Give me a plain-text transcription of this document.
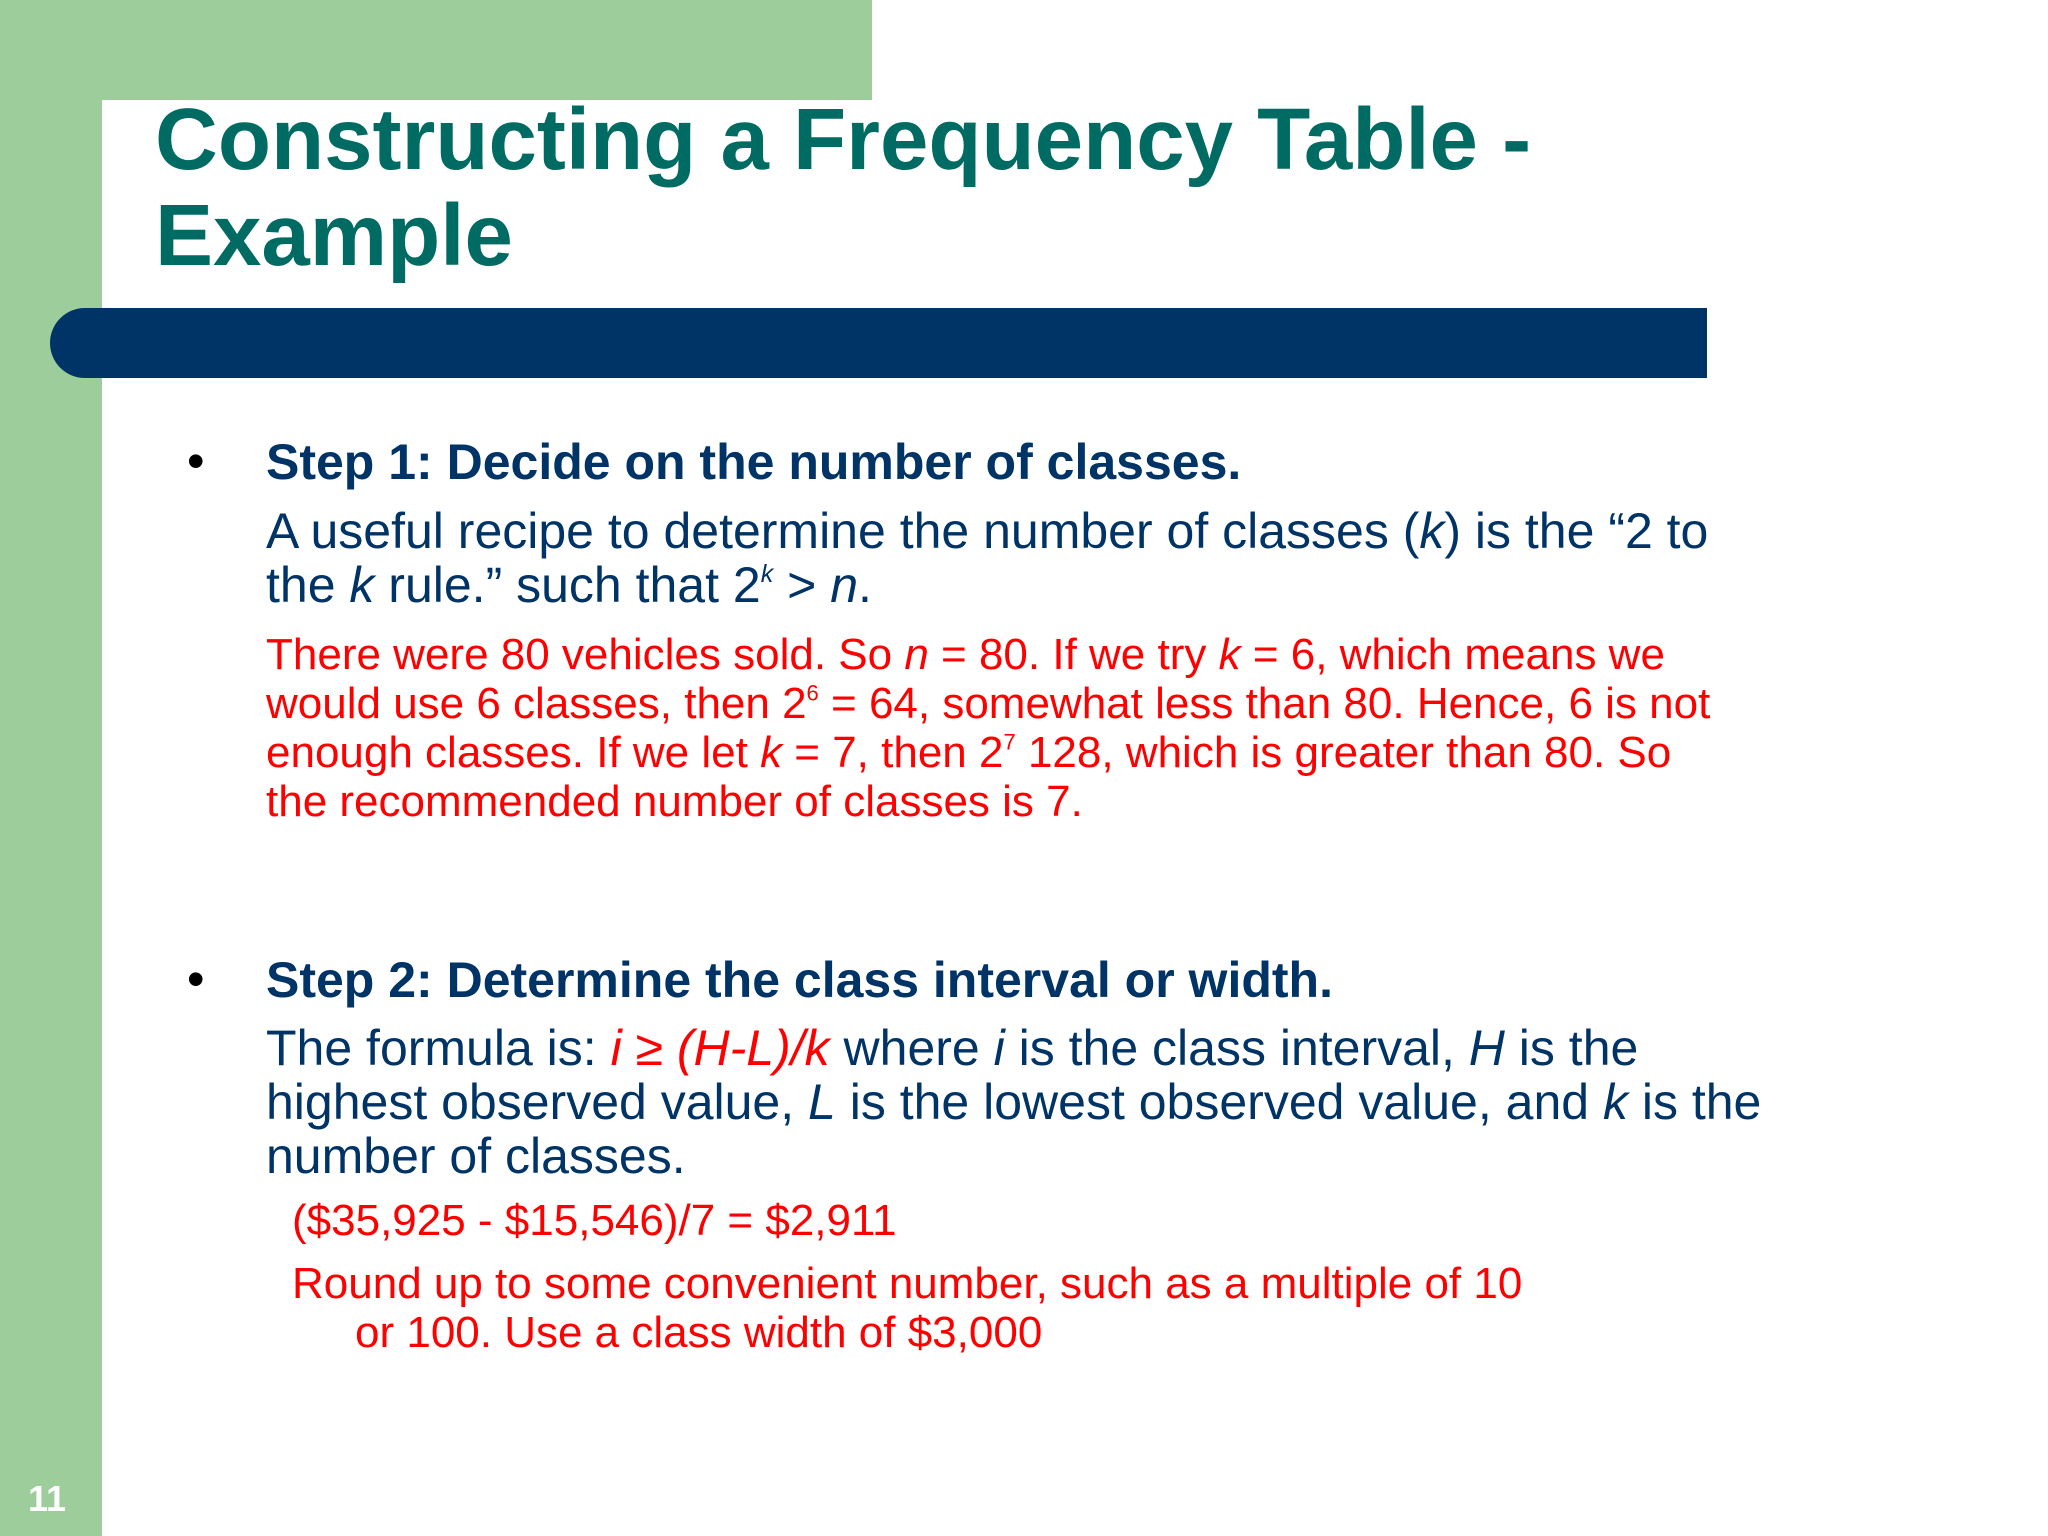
Constructing a Frequency Table - Example
• Step 1: Decide on the number of classes.

A useful recipe to determine the number of classes (k) is the “2 to the k rule.” such that $2^k > n$.

There were 80 vehicles sold. So n = 80. If we try k = 6, which means we would use 6 classes, then $2^6 = 64$, somewhat less than 80. Hence, 6 is not enough classes. If we let k = 7, then $2^7$ 128, which is greater than 80. So the recommended number of classes is 7.

• Step 2: Determine the class interval or width.

The formula is: i ≥ (H-L)/k where i is the class interval, H is the highest observed value, L is the lowest observed value, and k is the number of classes.

($35,925 - $15,546)/7 = $2,911

Round up to some convenient number, such as a multiple of 10

or 100. Use a class width of $3,000

11
